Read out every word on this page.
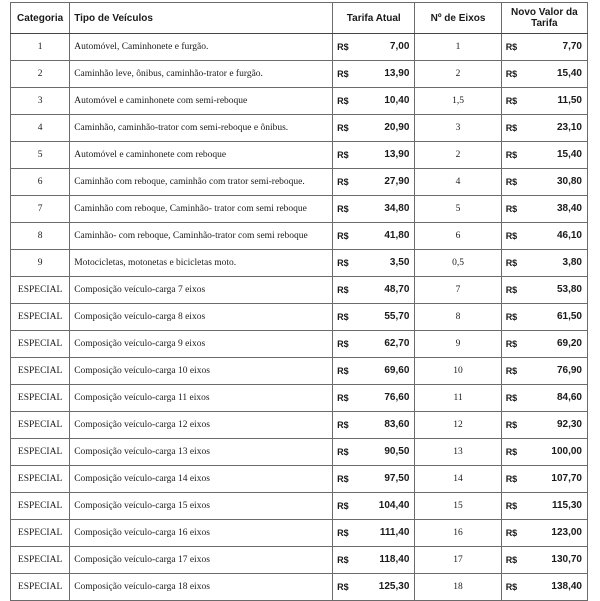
Categoria	Tipo de Veículos	Tarifa Atual	Nº de Eixos	Novo Valor da Tarifa
1	Automóvel, Caminhonete e furgão.	R$ 7,00	1	R$ 7,70

2	Caminhão leve, ônibus, caminhão-trator e furgão.	R$ 13,90	2	R$ 15,40

3	Automóvel e caminhonete com semi-reboque	R$ 10,40	1,5	R$ 11,50

4	Caminhão, caminhão-trator com semi-reboque e ônibus.	R$ 20,90	3	R$ 23,10

5	Automóvel e caminhonete com reboque	R$ 13,90	2	R$ 15,40

6	Caminhão com reboque, caminhão com trator semi-reboque.	R$ 27,90	4	R$ 30,80

7	Caminhão com reboque, Caminhão- trator com semi reboque	R$ 34,80	5	R$ 38,40

8	Caminhão- com reboque, Caminhão-trator com semi reboque	R$ 41,80	6	R$ 46,10

9	Motocicletas, motonetas e bicicletas moto.	R$ 3,50	0,5	R$ 3,80

ESPECIAL	Composição veículo-carga 7 eixos	R$ 48,70	7	R$ 53,80

ESPECIAL	Composição veículo-carga 8 eixos	R$ 55,70	8	R$ 61,50

ESPECIAL	Composição veículo-carga 9 eixos	R$ 62,70	9	R$ 69,20

ESPECIAL	Composição veículo-carga 10 eixos	R$ 69,60	10	R$ 76,90

ESPECIAL	Composição veículo-carga 11 eixos	R$ 76,60	11	R$ 84,60

ESPECIAL	Composição veículo-carga 12 eixos	R$ 83,60	12	R$ 92,30

ESPECIAL	Composição veículo-carga 13 eixos	R$ 90,50	13	R$ 100,00

ESPECIAL	Composição veículo-carga 14 eixos	R$ 97,50	14	R$ 107,70

ESPECIAL	Composição veículo-carga 15 eixos	R$ 104,40	15	R$ 115,30

ESPECIAL	Composição veículo-carga 16 eixos	R$ 111,40	16	R$ 123,00

ESPECIAL	Composição veículo-carga 17 eixos	R$ 118,40	17	R$ 130,70

ESPECIAL	Composição veículo-carga 18 eixos	R$ 125,30	18	R$ 138,40
